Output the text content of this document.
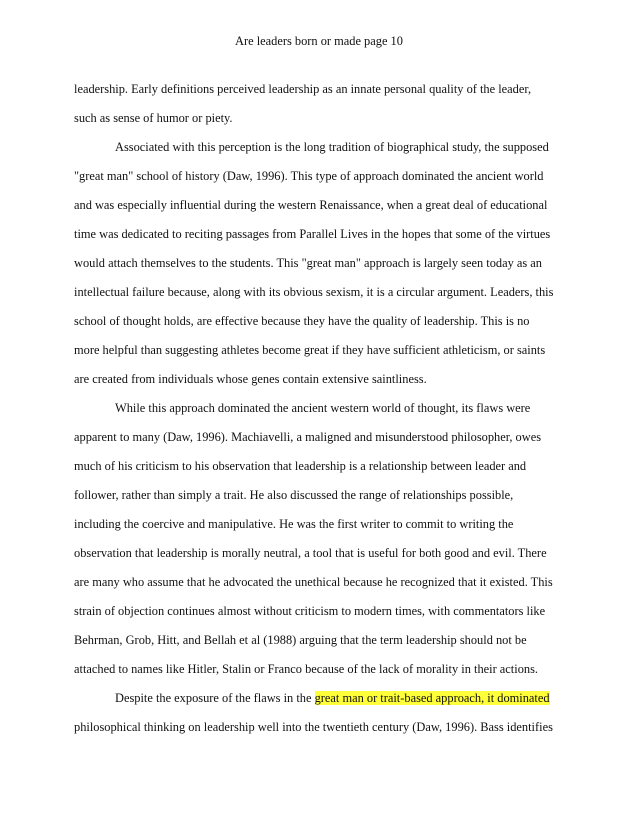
Are leaders born or made page 10
leadership. Early definitions perceived leadership as an innate personal quality of the leader,
such as sense of humor or piety.
Associated with this perception is the long tradition of biographical study, the supposed
"great man" school of history (Daw, 1996). This type of approach dominated the ancient world
and was especially influential during the western Renaissance, when a great deal of educational
time was dedicated to reciting passages from Parallel Lives in the hopes that some of the virtues
would attach themselves to the students. This "great man" approach is largely seen today as an
intellectual failure because, along with its obvious sexism, it is a circular argument. Leaders, this
school of thought holds, are effective because they have the quality of leadership. This is no
more helpful than suggesting athletes become great if they have sufficient athleticism, or saints
are created from individuals whose genes contain extensive saintliness.
While this approach dominated the ancient western world of thought, its flaws were
apparent to many (Daw, 1996). Machiavelli, a maligned and misunderstood philosopher, owes
much of his criticism to his observation that leadership is a relationship between leader and
follower, rather than simply a trait. He also discussed the range of relationships possible,
including the coercive and manipulative. He was the first writer to commit to writing the
observation that leadership is morally neutral, a tool that is useful for both good and evil. There
are many who assume that he advocated the unethical because he recognized that it existed. This
strain of objection continues almost without criticism to modern times, with commentators like
Behrman, Grob, Hitt, and Bellah et al (1988) arguing that the term leadership should not be
attached to names like Hitler, Stalin or Franco because of the lack of morality in their actions.
Despite the exposure of the flaws in the great man or trait-based approach, it dominated
philosophical thinking on leadership well into the twentieth century (Daw, 1996). Bass identifies
